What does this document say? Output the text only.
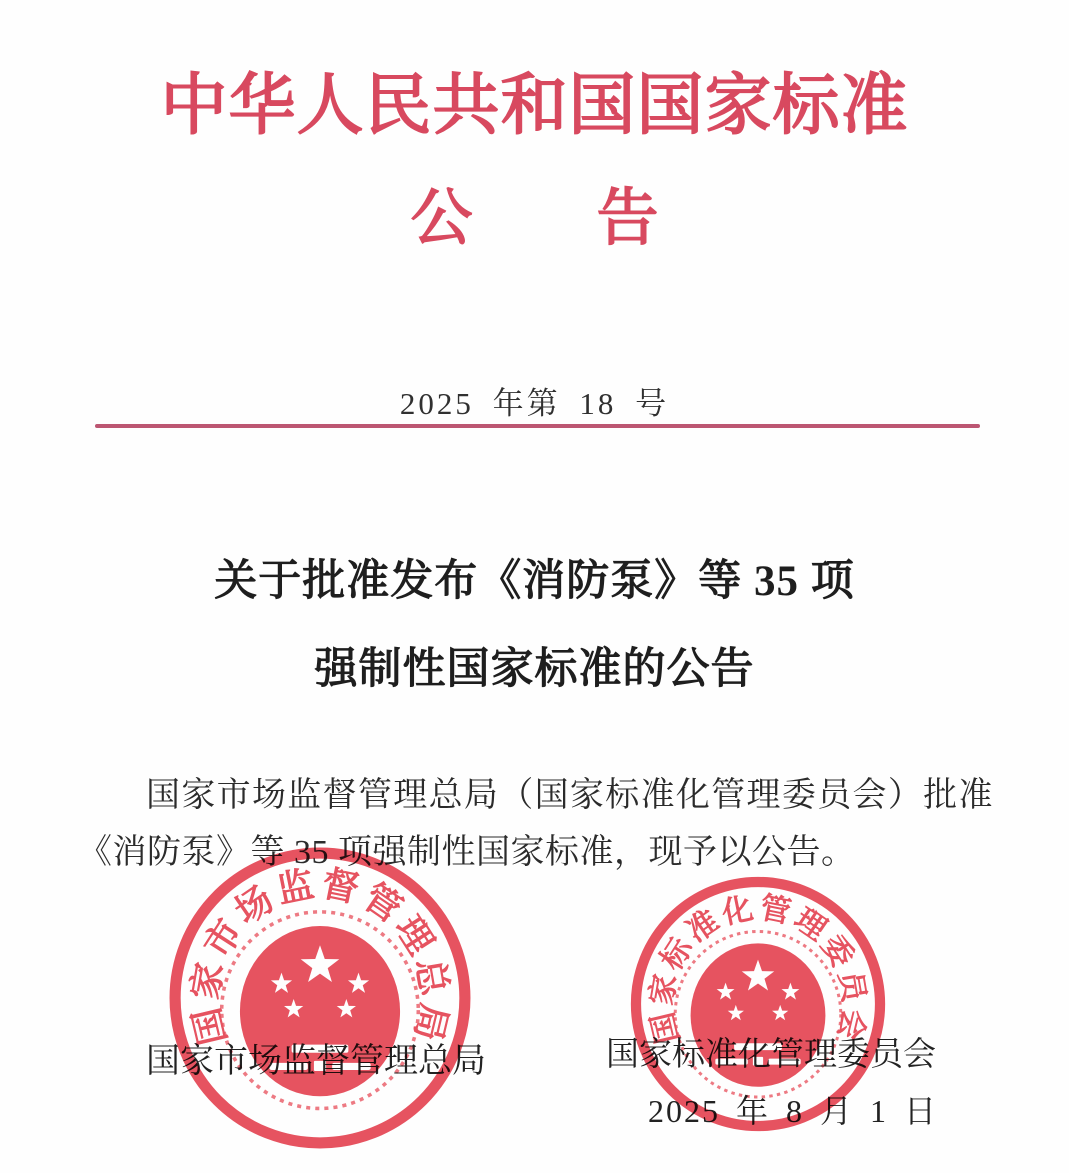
中华人民共和国国家标准
公　　告
2025 年第 18 号
关于批准发布《消防泵》等 35 项
强制性国家标准的公告

国家市场监督管理总局（国家标准化管理委员会）批准《消防泵》等 35 项强制性国家标准，现予以公告。

国家市场监督管理总局	国家标准化管理委员会
国家市场监督管理总局	国家标准化管理委员会
2025 年 8 月 1 日
